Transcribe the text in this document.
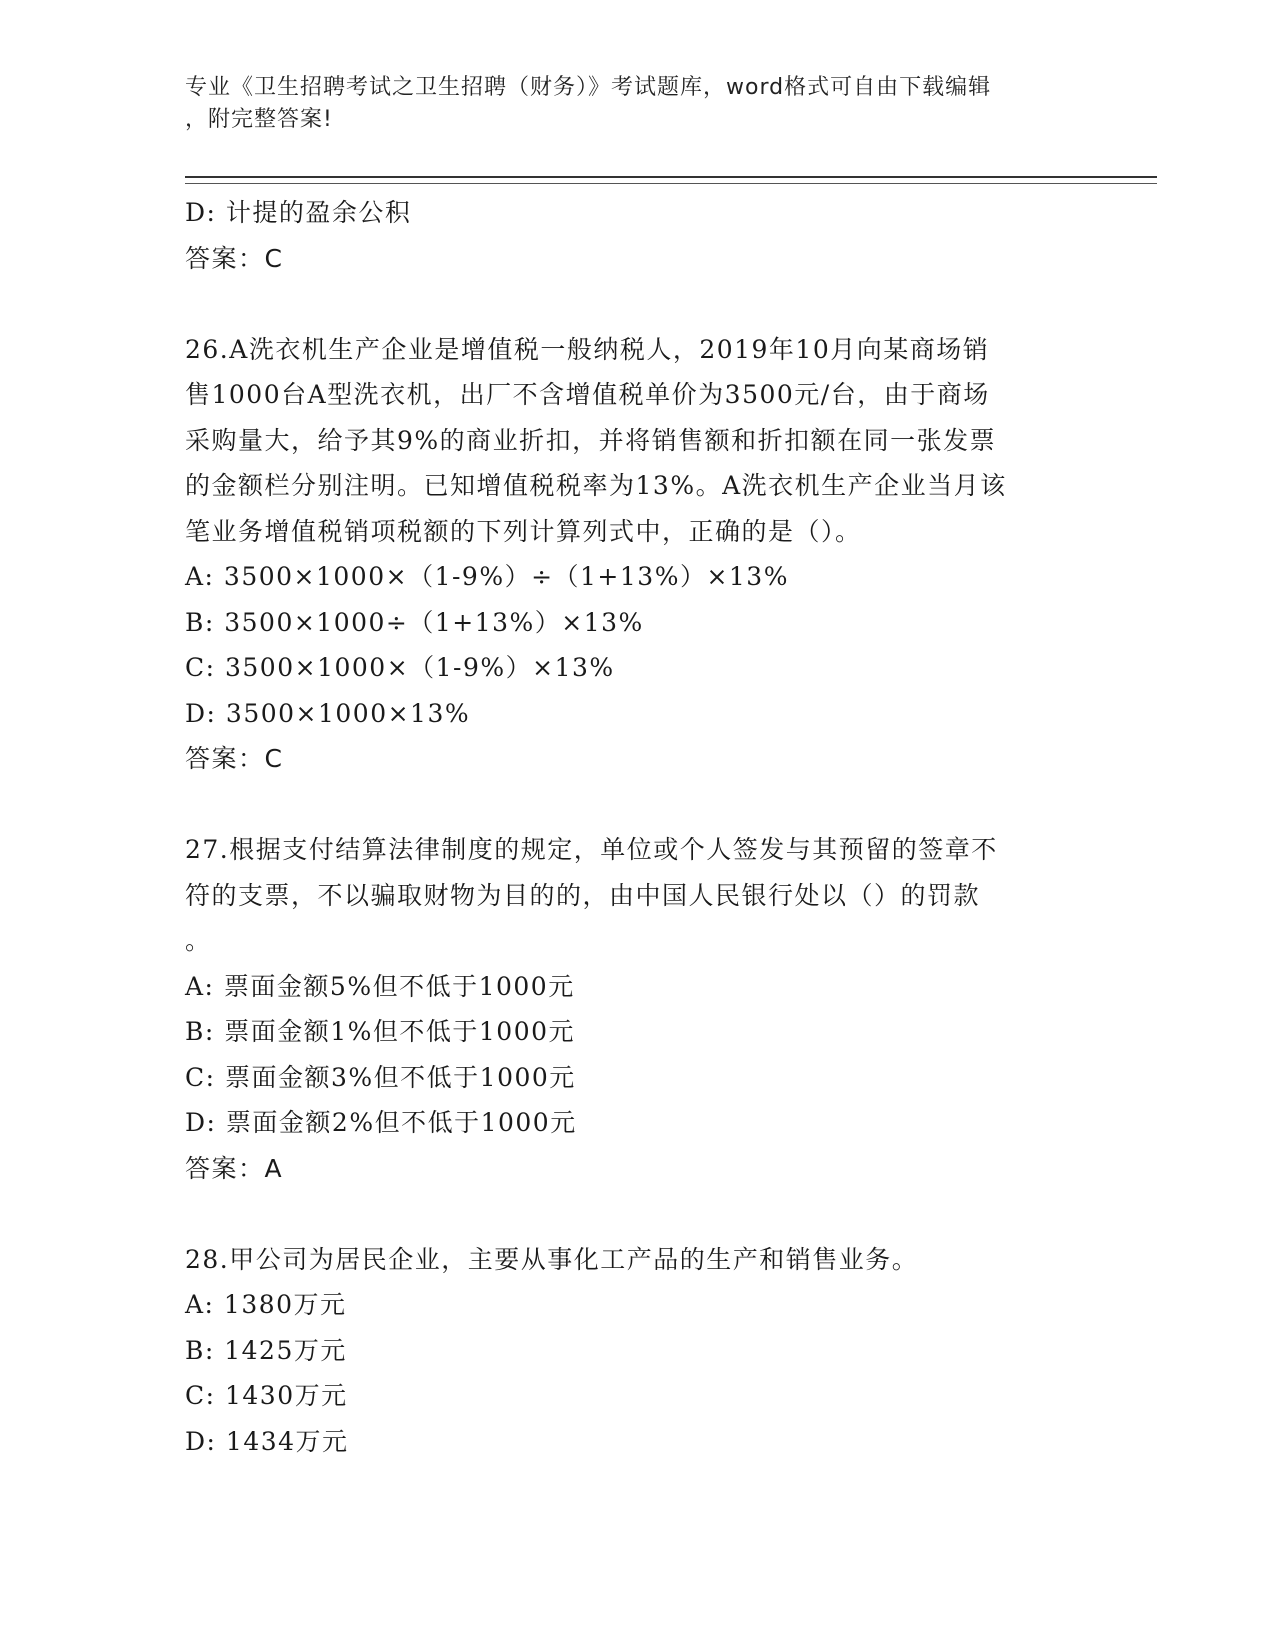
专业《卫生招聘考试之卫生招聘（财务）》考试题库，word格式可自由下载编辑
，附完整答案!
D: 计提的盈余公积
答案：C
26.A洗衣机生产企业是增值税一般纳税人，2019年10月向某商场销
售1000台A型洗衣机，出厂不含增值税单价为3500元/台，由于商场
采购量大，给予其9%的商业折扣，并将销售额和折扣额在同一张发票
的金额栏分别注明。已知增值税税率为13%。A洗衣机生产企业当月该
笔业务增值税销项税额的下列计算列式中，正确的是（）。
A: 3500×1000×（1-9%）÷（1+13%）×13%
B: 3500×1000÷（1+13%）×13%
C: 3500×1000×（1-9%）×13%
D: 3500×1000×13%
答案：C
27.根据支付结算法律制度的规定，单位或个人签发与其预留的签章不
符的支票，不以骗取财物为目的的，由中国人民银行处以（）的罚款
。
A: 票面金额5%但不低于1000元
B: 票面金额1%但不低于1000元
C: 票面金额3%但不低于1000元
D: 票面金额2%但不低于1000元
答案：A
28.甲公司为居民企业，主要从事化工产品的生产和销售业务。
A: 1380万元
B: 1425万元
C: 1430万元
D: 1434万元
